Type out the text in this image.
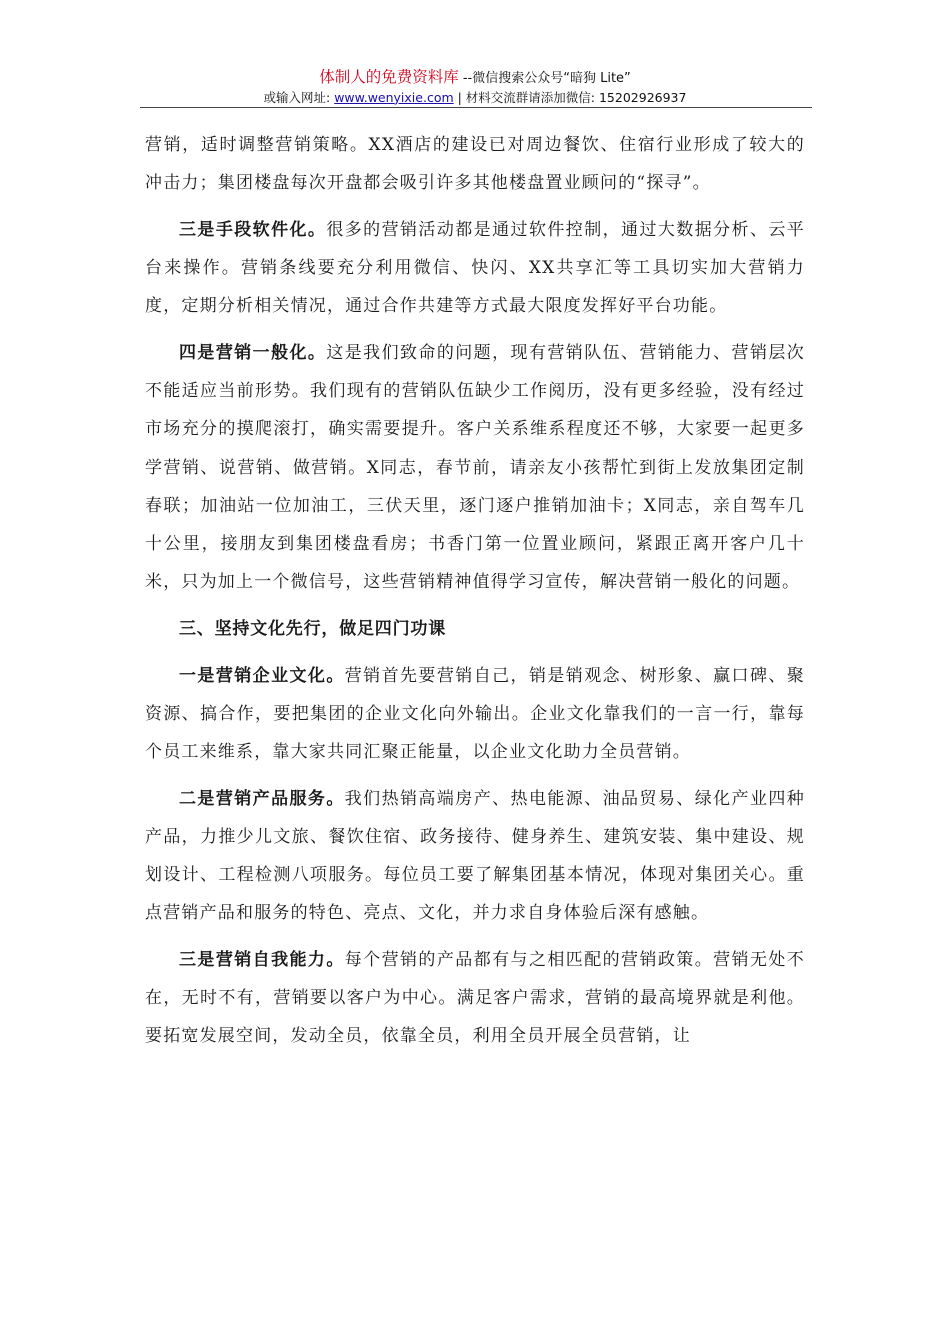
体制人的免费资料库 --微信搜索公众号“暗狗 Lite”
或输入网址: www.wenyixie.com | 材料交流群请添加微信: 15202926937

营销，适时调整营销策略。XX酒店的建设已对周边餐饮、住宿行业形成了较大的冲击力；集团楼盘每次开盘都会吸引许多其他楼盘置业顾问的“探寻”。

三是手段软件化。很多的营销活动都是通过软件控制，通过大数据分析、云平台来操作。营销条线要充分利用微信、快闪、XX共享汇等工具切实加大营销力度，定期分析相关情况，通过合作共建等方式最大限度发挥好平台功能。

四是营销一般化。这是我们致命的问题，现有营销队伍、营销能力、营销层次不能适应当前形势。我们现有的营销队伍缺少工作阅历，没有更多经验，没有经过市场充分的摸爬滚打，确实需要提升。客户关系维系程度还不够，大家要一起更多学营销、说营销、做营销。X同志，春节前，请亲友小孩帮忙到街上发放集团定制春联；加油站一位加油工，三伏天里，逐门逐户推销加油卡；X同志，亲自驾车几十公里，接朋友到集团楼盘看房；书香门第一位置业顾问，紧跟正离开客户几十米，只为加上一个微信号，这些营销精神值得学习宣传，解决营销一般化的问题。

三、坚持文化先行，做足四门功课

一是营销企业文化。营销首先要营销自己，销是销观念、树形象、赢口碑、聚资源、搞合作，要把集团的企业文化向外输出。企业文化靠我们的一言一行，靠每个员工来维系，靠大家共同汇聚正能量，以企业文化助力全员营销。

二是营销产品服务。我们热销高端房产、热电能源、油品贸易、绿化产业四种产品，力推少儿文旅、餐饮住宿、政务接待、健身养生、建筑安装、集中建设、规划设计、工程检测八项服务。每位员工要了解集团基本情况，体现对集团关心。重点营销产品和服务的特色、亮点、文化，并力求自身体验后深有感触。

三是营销自我能力。每个营销的产品都有与之相匹配的营销政策。营销无处不在，无时不有，营销要以客户为中心。满足客户需求，营销的最高境界就是利他。要拓宽发展空间，发动全员，依靠全员，利用全员开展全员营销，让
